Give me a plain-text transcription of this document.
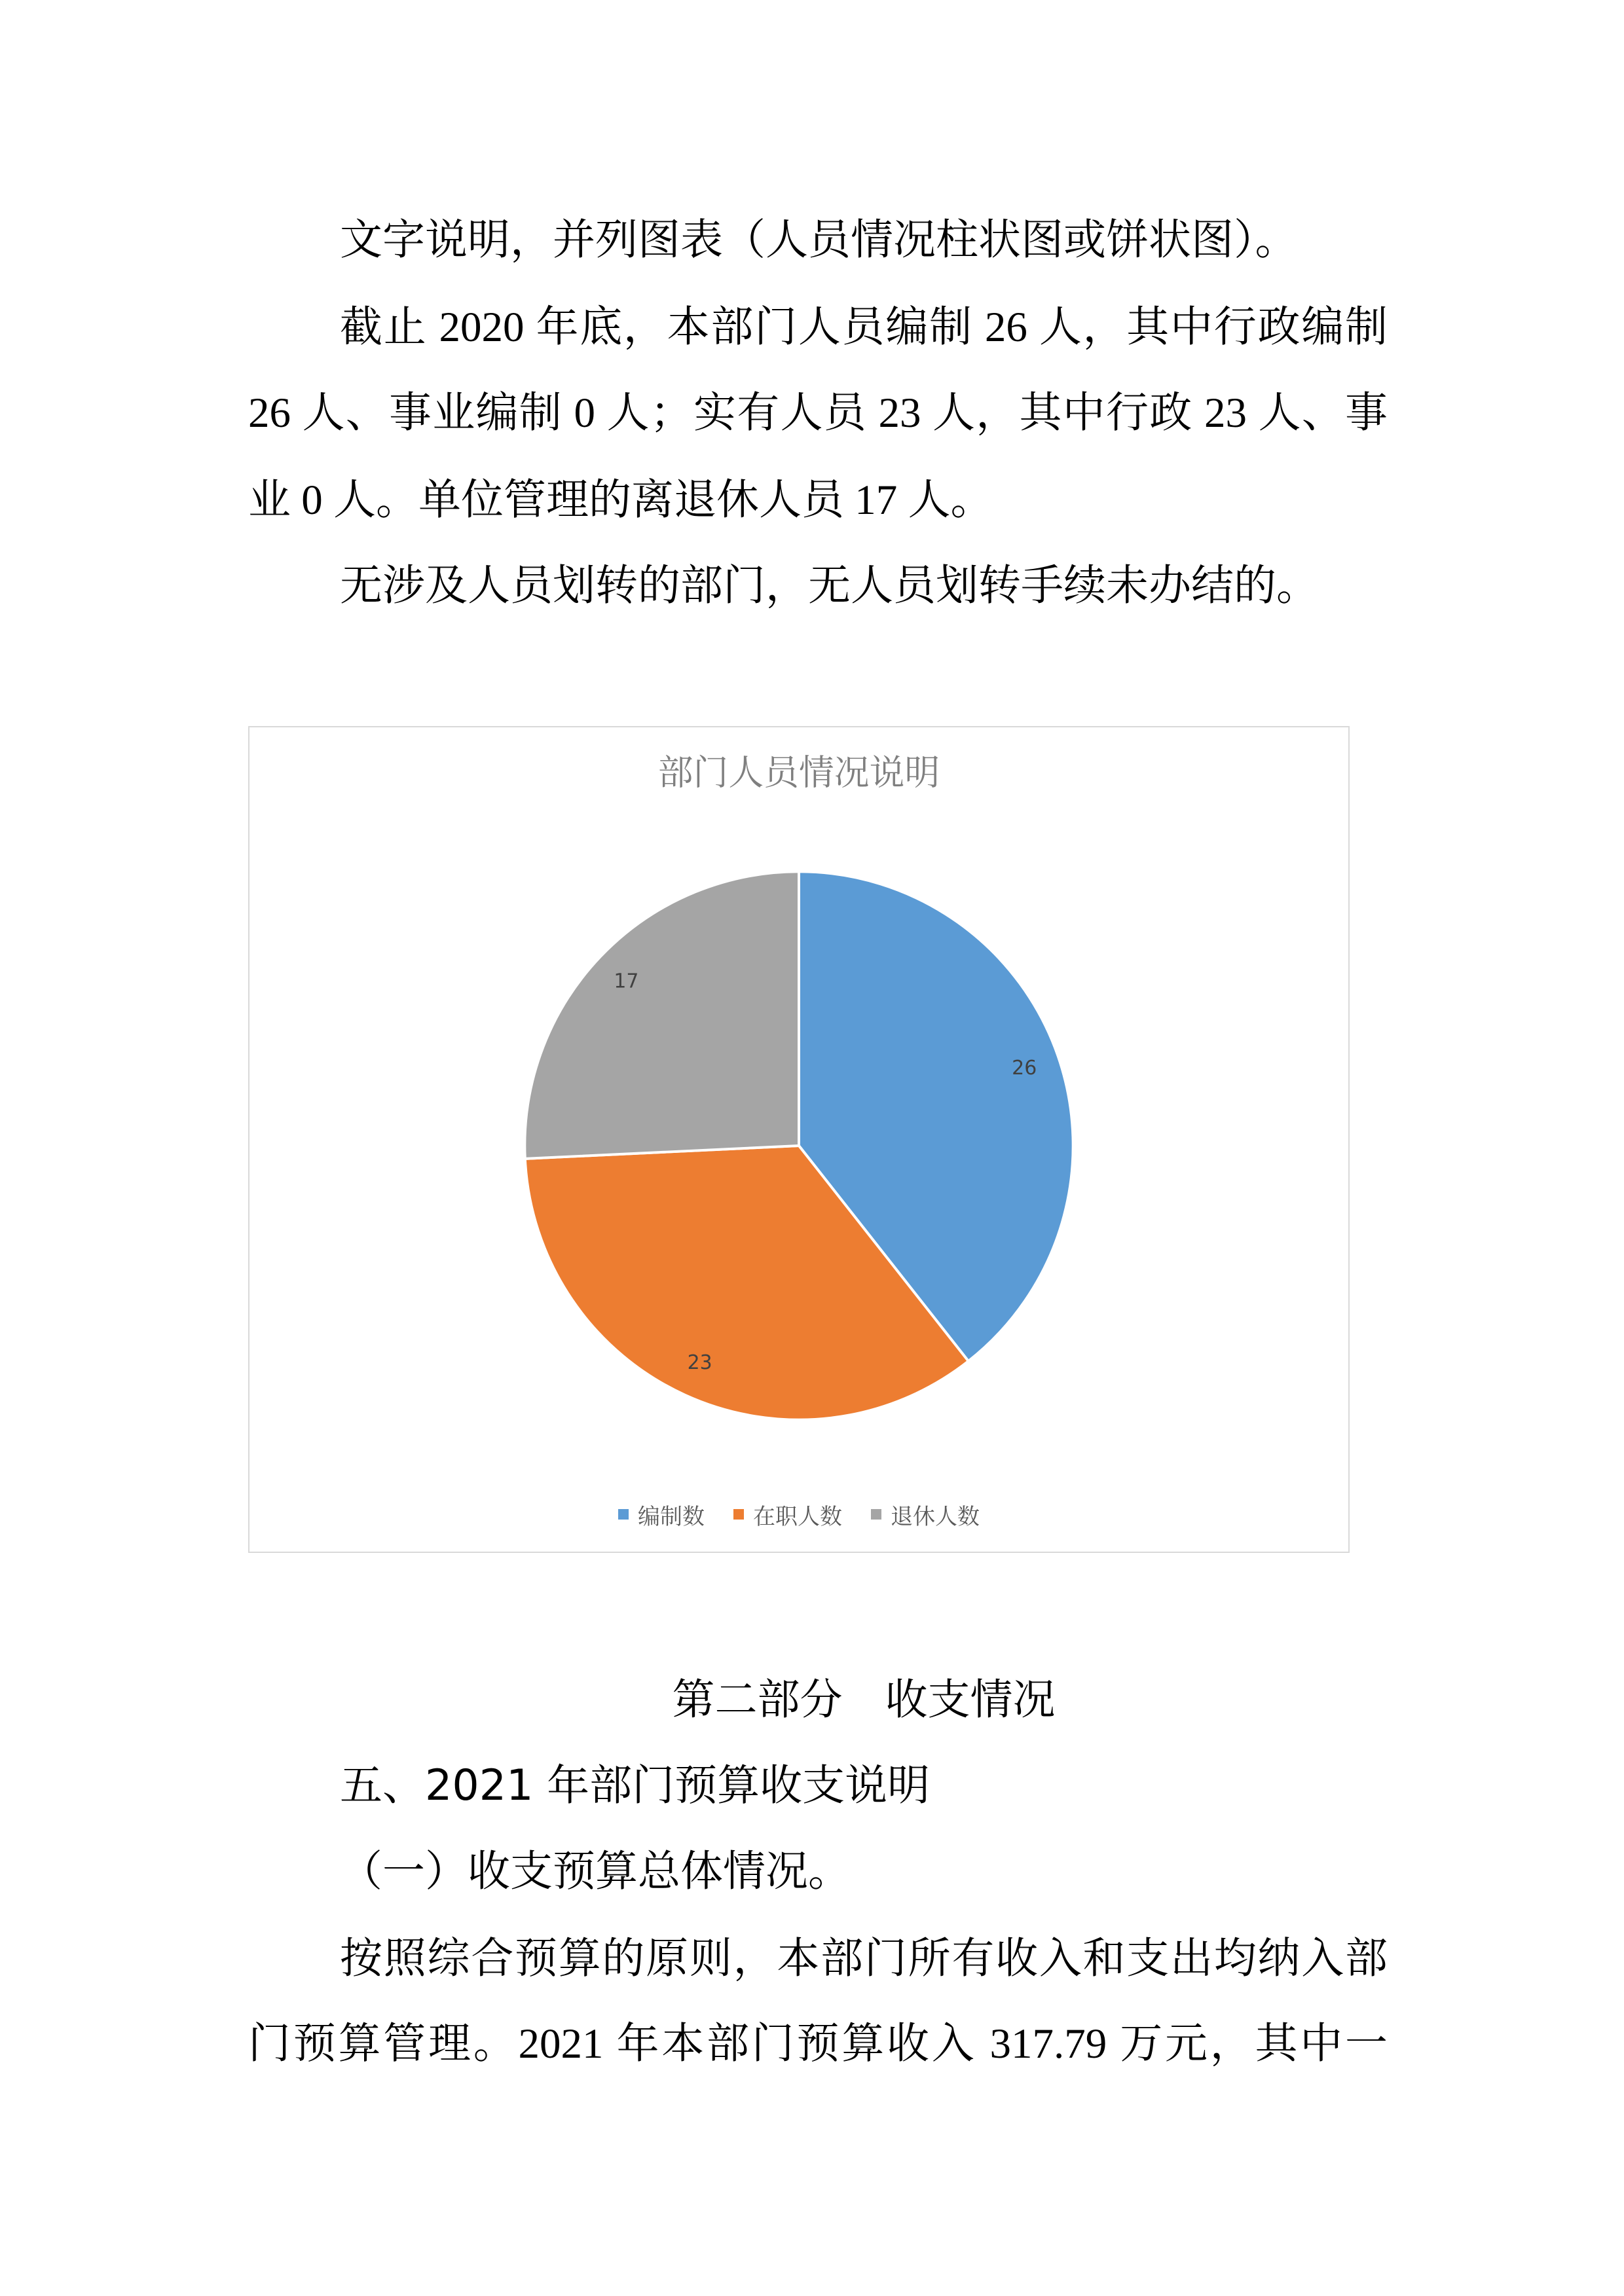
文字说明，并列图表（人员情况柱状图或饼状图）。
截止 2020 年底，本部门人员编制 26 人，其中行政编制
26 人、事业编制 0 人；实有人员 23 人，其中行政 23 人、事
业 0 人。单位管理的离退休人员 17 人。
无涉及人员划转的部门，无人员划转手续未办结的。
部门人员情况说明
26
23
17
编制数 在职人数 退休人数
第二部分　收支情况
五、2021 年部门预算收支说明
（一）收支预算总体情况。
按照综合预算的原则，本部门所有收入和支出均纳入部
门预算管理。2021 年本部门预算收入 317.79 万元，其中一
